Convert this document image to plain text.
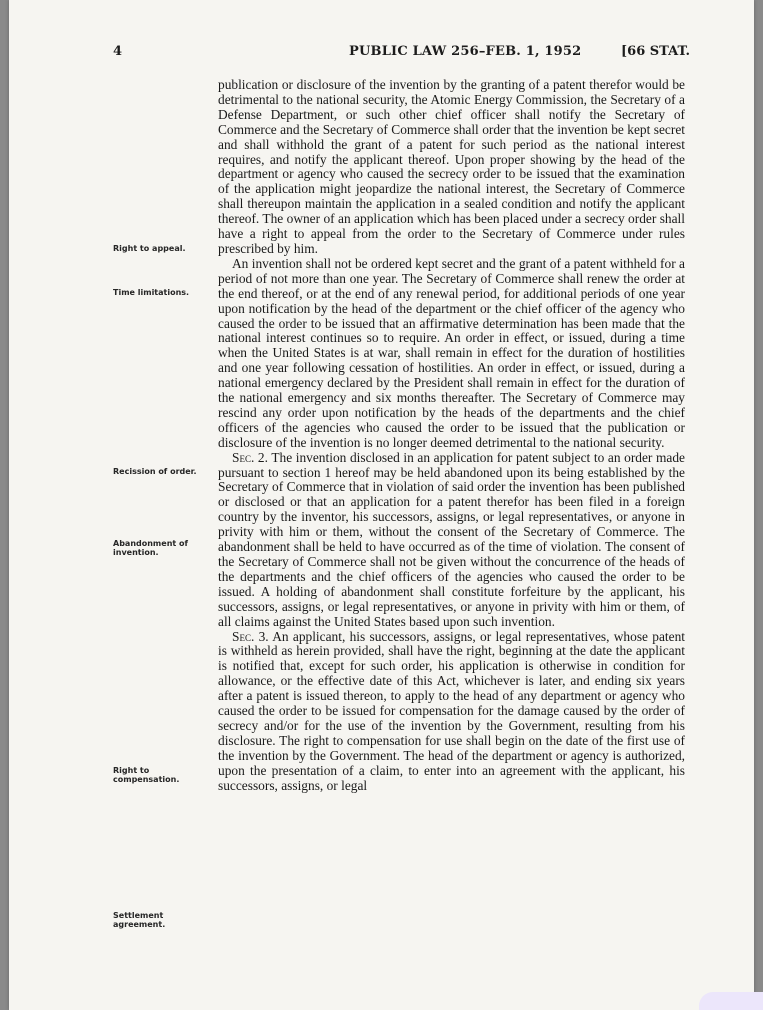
4	PUBLIC LAW 256–FEB. 1, 1952	[66 STAT.
Right to appeal.
Time limitations.
Recission of order.
Abandonment of invention.
Right to compensation.
Settlement agreement.

publication or disclosure of the invention by the granting of a patent therefor would be detrimental to the national security, the Atomic Energy Commission, the Secretary of a Defense Department, or such other chief officer shall notify the Secretary of Commerce and the Secretary of Commerce shall order that the invention be kept secret and shall withhold the grant of a patent for such period as the national interest requires, and notify the applicant thereof. Upon proper showing by the head of the department or agency who caused the secrecy order to be issued that the examination of the application might jeopardize the national interest, the Secretary of Commerce shall thereupon maintain the application in a sealed condition and notify the applicant thereof. The owner of an application which has been placed under a secrecy order shall have a right to appeal from the order to the Secretary of Commerce under rules prescribed by him.

An invention shall not be ordered kept secret and the grant of a patent withheld for a period of not more than one year. The Secretary of Commerce shall renew the order at the end thereof, or at the end of any renewal period, for additional periods of one year upon notification by the head of the department or the chief officer of the agency who caused the order to be issued that an affirmative determination has been made that the national interest continues so to require. An order in effect, or issued, during a time when the United States is at war, shall remain in effect for the duration of hostilities and one year following cessation of hostilities. An order in effect, or issued, during a national emergency declared by the President shall remain in effect for the duration of the national emergency and six months thereafter. The Secretary of Commerce may rescind any order upon notification by the heads of the departments and the chief officers of the agencies who caused the order to be issued that the publication or disclosure of the invention is no longer deemed detrimental to the national security.

Sec. 2. The invention disclosed in an application for patent subject to an order made pursuant to section 1 hereof may be held abandoned upon its being established by the Secretary of Commerce that in violation of said order the invention has been published or disclosed or that an application for a patent therefor has been filed in a foreign country by the inventor, his successors, assigns, or legal representatives, or anyone in privity with him or them, without the consent of the Secretary of Commerce. The abandonment shall be held to have occurred as of the time of violation. The consent of the Secretary of Commerce shall not be given without the concurrence of the heads of the departments and the chief officers of the agencies who caused the order to be issued. A holding of abandonment shall constitute forfeiture by the applicant, his successors, assigns, or legal representatives, or anyone in privity with him or them, of all claims against the United States based upon such invention.

Sec. 3. An applicant, his successors, assigns, or legal representatives, whose patent is withheld as herein provided, shall have the right, beginning at the date the applicant is notified that, except for such order, his application is otherwise in condition for allowance, or the effective date of this Act, whichever is later, and ending six years after a patent is issued thereon, to apply to the head of any department or agency who caused the order to be issued for compensation for the damage caused by the order of secrecy and/or for the use of the invention by the Government, resulting from his disclosure. The right to compensation for use shall begin on the date of the first use of the invention by the Government. The head of the department or agency is authorized, upon the presentation of a claim, to enter into an agreement with the applicant, his successors, assigns, or legal
